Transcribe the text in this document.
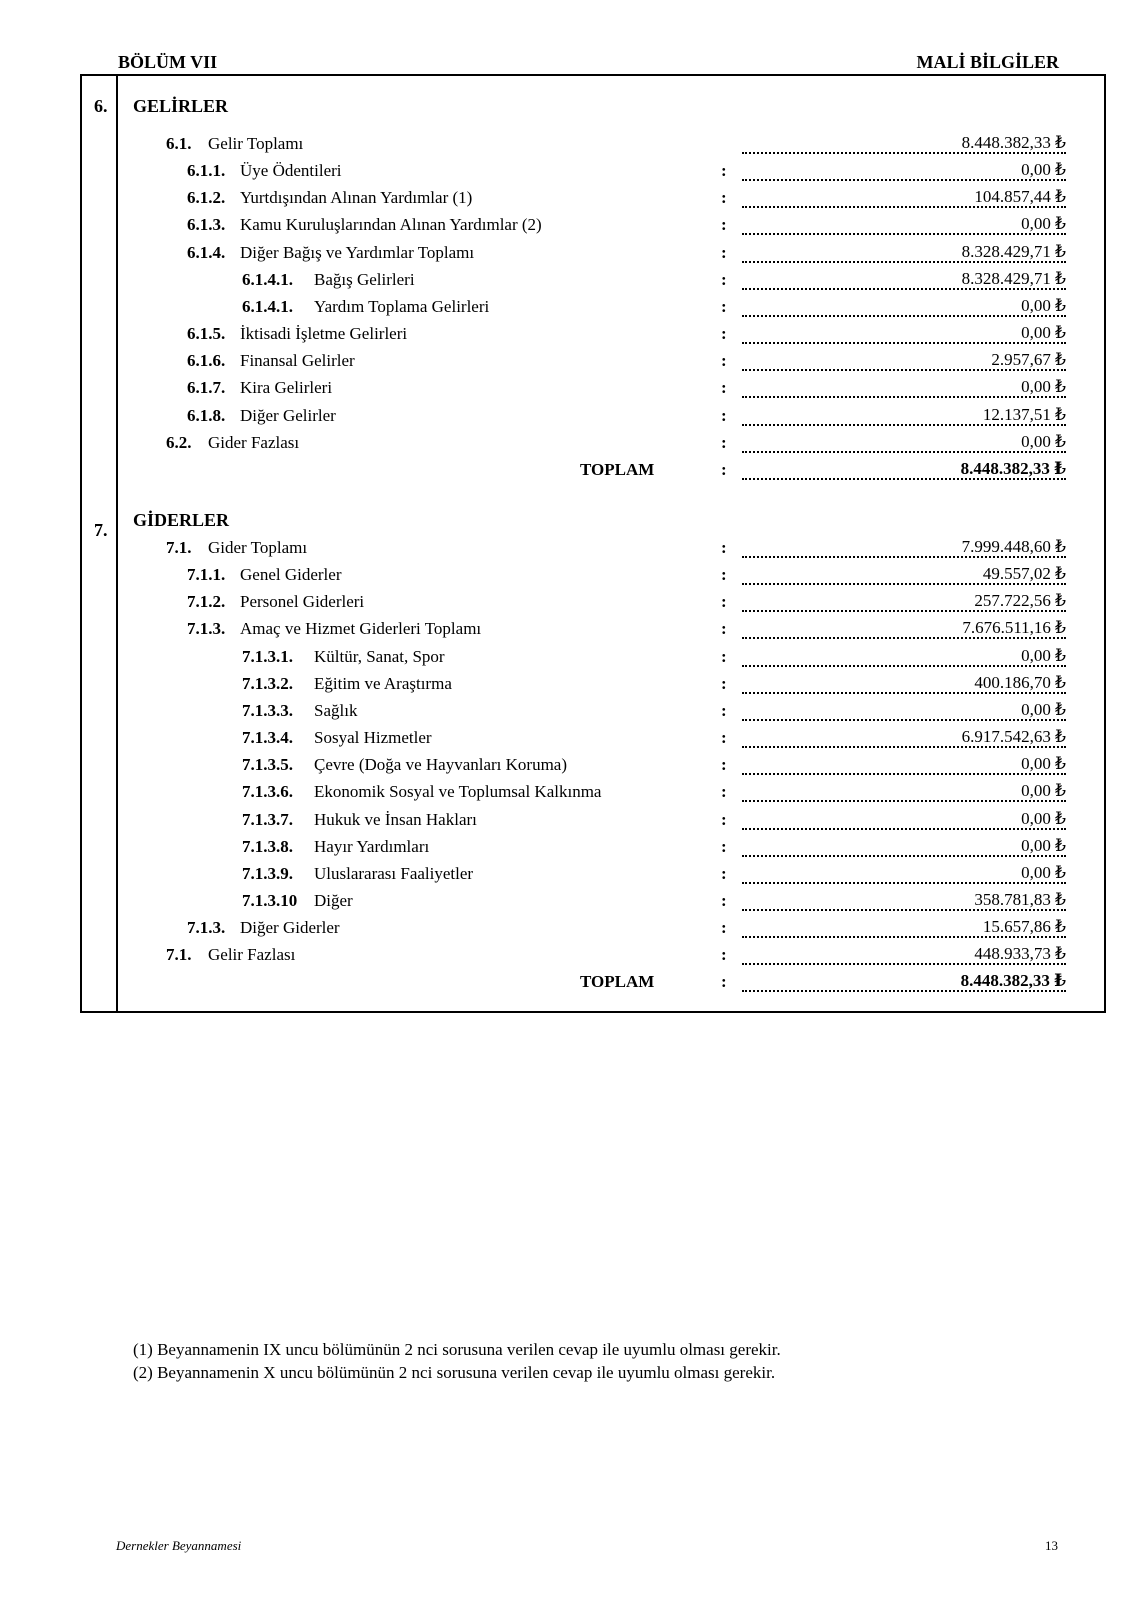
BÖLÜM VII	MALİ BİLGİLER
6. GELİRLER
6.1. Gelir Toplamı	8.448.382,33 ₺
6.1.1. Üye Ödentileri	:	0,00 ₺
6.1.2. Yurtdışından Alınan Yardımlar (1)	:	104.857,44 ₺
6.1.3. Kamu Kuruluşlarından Alınan Yardımlar (2)	:	0,00 ₺
6.1.4. Diğer Bağış ve Yardımlar Toplamı	:	8.328.429,71 ₺
6.1.4.1. Bağış Gelirleri	:	8.328.429,71 ₺
6.1.4.1. Yardım Toplama Gelirleri	:	0,00 ₺
6.1.5. İktisadi İşletme Gelirleri	:	0,00 ₺
6.1.6. Finansal Gelirler	:	2.957,67 ₺
6.1.7. Kira Gelirleri	:	0,00 ₺
6.1.8. Diğer Gelirler	:	12.137,51 ₺
6.2. Gider Fazlası	:	0,00 ₺
TOPLAM	:	8.448.382,33 ₺
7. GİDERLER
7.1. Gider Toplamı	:	7.999.448,60 ₺
7.1.1. Genel Giderler	:	49.557,02 ₺
7.1.2. Personel Giderleri	:	257.722,56 ₺
7.1.3. Amaç ve Hizmet Giderleri Toplamı	:	7.676.511,16 ₺
7.1.3.1. Kültür, Sanat, Spor	:	0,00 ₺
7.1.3.2. Eğitim ve Araştırma	:	400.186,70 ₺
7.1.3.3. Sağlık	:	0,00 ₺
7.1.3.4. Sosyal Hizmetler	:	6.917.542,63 ₺
7.1.3.5. Çevre (Doğa ve Hayvanları Koruma)	:	0,00 ₺
7.1.3.6. Ekonomik Sosyal ve Toplumsal Kalkınma	:	0,00 ₺
7.1.3.7. Hukuk ve İnsan Hakları	:	0,00 ₺
7.1.3.8. Hayır Yardımları	:	0,00 ₺
7.1.3.9. Uluslararası Faaliyetler	:	0,00 ₺
7.1.3.10 Diğer	:	358.781,83 ₺
7.1.3. Diğer Giderler	:	15.657,86 ₺
7.1. Gelir Fazlası	:	448.933,73 ₺
TOPLAM	:	8.448.382,33 ₺
(1) Beyannamenin IX uncu bölümünün 2 nci sorusuna verilen cevap ile uyumlu olması gerekir.
(2) Beyannamenin X uncu bölümünün 2 nci sorusuna verilen cevap ile uyumlu olması gerekir.
Dernekler Beyannamesi	13
